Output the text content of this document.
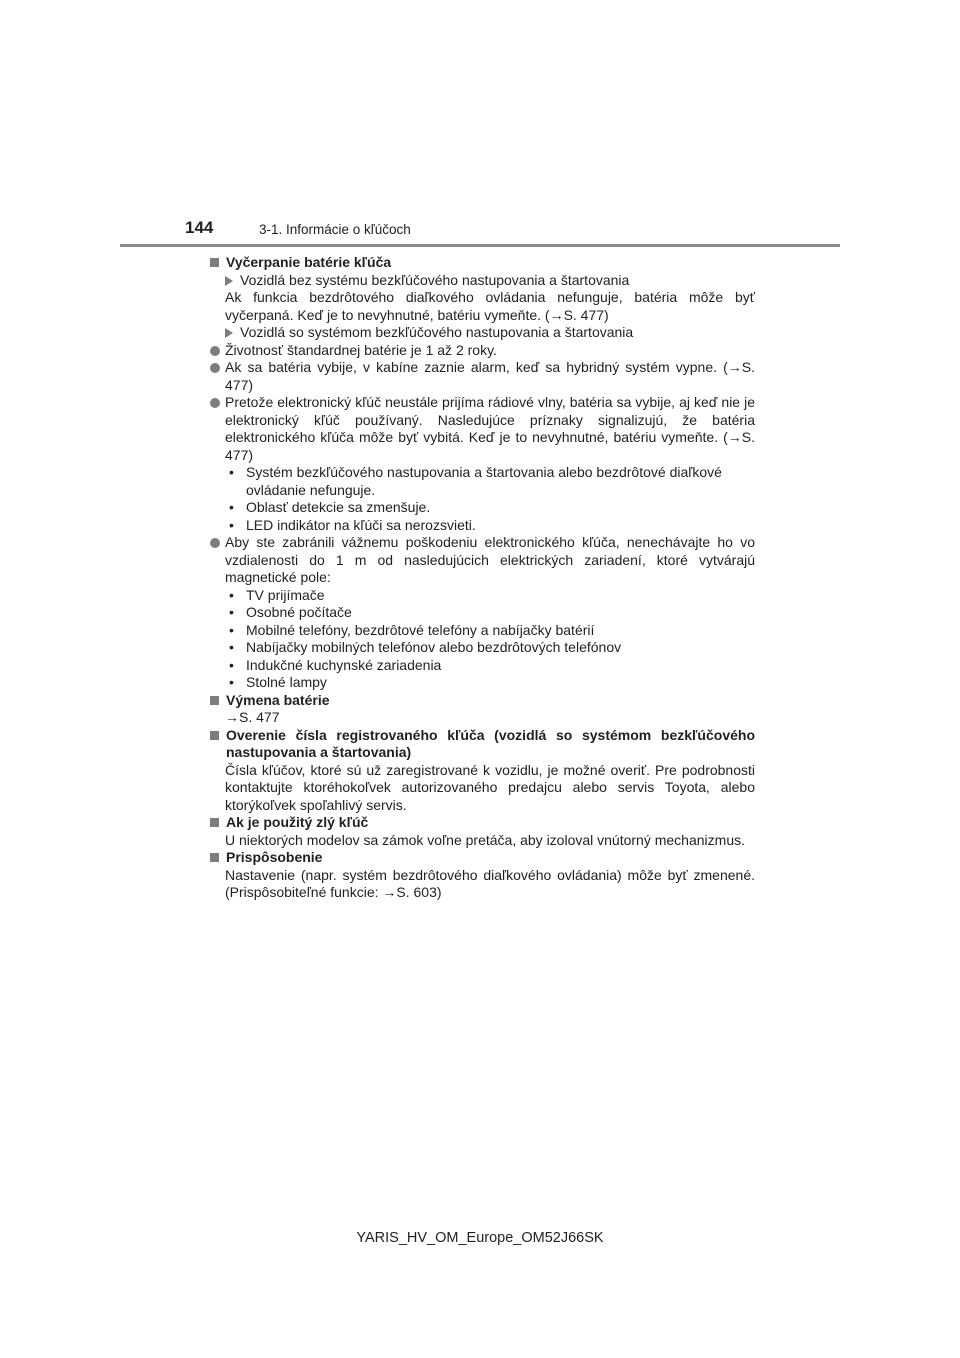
144	3-1. Informácie o kľúčoch

Vyčerpanie batérie kľúča

Vozidlá bez systému bezkľúčového nastupovania a štartovania

Ak funkcia bezdrôtového diaľkového ovládania nefunguje, batéria môže byť vyčerpaná. Keď je to nevyhnutné, batériu vymeňte. (→S. 477)

Vozidlá so systémom bezkľúčového nastupovania a štartovania

Životnosť štandardnej batérie je 1 až 2 roky.

Ak sa batéria vybije, v kabíne zaznie alarm, keď sa hybridný systém vypne. (→S. 477)

Pretože elektronický kľúč neustále prijíma rádiové vlny, batéria sa vybije, aj keď nie je elektronický kľúč používaný. Nasledujúce príznaky signalizujú, že batéria elektronického kľúča môže byť vybitá. Keď je to nevyhnutné, batériu vymeňte. (→S. 477)

• Systém bezkľúčového nastupovania a štartovania alebo bezdrôtové diaľkové ovládanie nefunguje.

• Oblasť detekcie sa zmenšuje.

• LED indikátor na kľúči sa nerozsvieti.

Aby ste zabránili vážnemu poškodeniu elektronického kľúča, nenechávajte ho vo vzdialenosti do 1 m od nasledujúcich elektrických zariadení, ktoré vytvárajú magnetické pole:

• TV prijímače

• Osobné počítače

• Mobilné telefóny, bezdrôtové telefóny a nabíjačky batérií

• Nabíjačky mobilných telefónov alebo bezdrôtových telefónov

• Indukčné kuchynské zariadenia

• Stolné lampy

Výmena batérie

→S. 477

Overenie čísla registrovaného kľúča (vozidlá so systémom bezkľúčového nastupovania a štartovania)

Čísla kľúčov, ktoré sú už zaregistrované k vozidlu, je možné overiť. Pre podrobnosti kontaktujte ktoréhokoľvek autorizovaného predajcu alebo servis Toyota, alebo ktorýkoľvek spoľahlivý servis.

Ak je použitý zlý kľúč

U niektorých modelov sa zámok voľne pretáča, aby izoloval vnútorný mechanizmus.

Prispôsobenie

Nastavenie (napr. systém bezdrôtového diaľkového ovládania) môže byť zmenené. (Prispôsobiteľné funkcie: →S. 603)

YARIS_HV_OM_Europe_OM52J66SK
